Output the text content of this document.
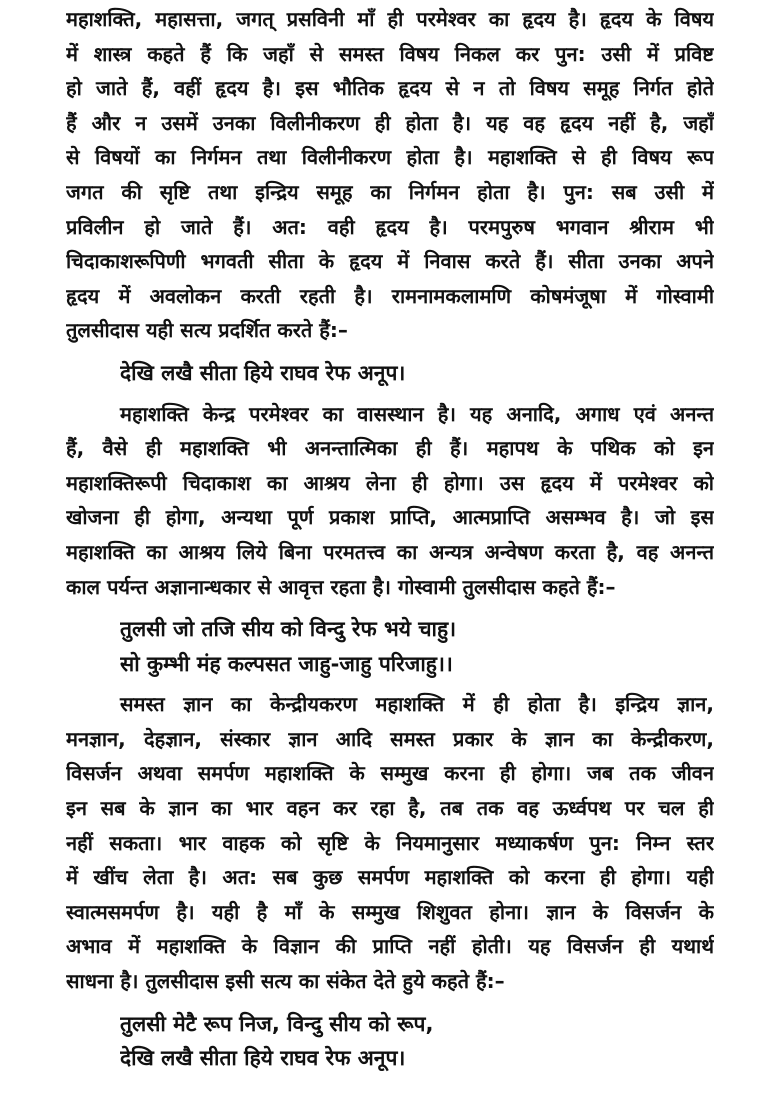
महाशक्ति, महासत्ता, जगत् प्रसविनी माँ ही परमेश्वर का हृदय है। हृदय के विषय
में शास्त्र कहते हैं कि जहाँ से समस्त विषय निकल कर पुन: उसी में प्रविष्ट
हो जाते हैं, वहीं हृदय है। इस भौतिक हृदय से न तो विषय समूह निर्गत होते
हैं और न उसमें उनका विलीनीकरण ही होता है। यह वह हृदय नहीं है, जहाँ
से विषयों का निर्गमन तथा विलीनीकरण होता है। महाशक्ति से ही विषय रूप
जगत की सृष्टि तथा इन्द्रिय समूह का निर्गमन होता है। पुन: सब उसी में
प्रविलीन हो जाते हैं। अत: वही हृदय है। परमपुरुष भगवान श्रीराम भी
चिदाकाशरूपिणी भगवती सीता के हृदय में निवास करते हैं। सीता उनका अपने
हृदय में अवलोकन करती रहती है। रामनामकलामणि कोषमंजूषा में गोस्वामी
तुलसीदास यही सत्य प्रदर्शित करते हैं:–
देखि लखै सीता हिये राघव रेफ अनूप।
महाशक्ति केन्द्र परमेश्वर का वासस्थान है। यह अनादि, अगाध एवं अनन्त
हैं, वैसे ही महाशक्ति भी अनन्तात्मिका ही हैं। महापथ के पथिक को इन
महाशक्तिरूपी चिदाकाश का आश्रय लेना ही होगा। उस हृदय में परमेश्वर को
खोजना ही होगा, अन्यथा पूर्ण प्रकाश प्राप्ति, आत्मप्राप्ति असम्भव है। जो इस
महाशक्ति का आश्रय लिये बिना परमतत्त्व का अन्यत्र अन्वेषण करता है, वह अनन्त
काल पर्यन्त अज्ञानान्धकार से आवृत्त रहता है। गोस्वामी तुलसीदास कहते हैं:–
तुलसी जो तजि सीय को विन्दु रेफ भये चाहु।
सो कुम्भी मंह कल्पसत जाहु-जाहु परिजाहु।।
समस्त ज्ञान का केन्द्रीयकरण महाशक्ति में ही होता है। इन्द्रिय ज्ञान,
मनज्ञान, देहज्ञान, संस्कार ज्ञान आदि समस्त प्रकार के ज्ञान का केन्द्रीकरण,
विसर्जन अथवा समर्पण महाशक्ति के सम्मुख करना ही होगा। जब तक जीवन
इन सब के ज्ञान का भार वहन कर रहा है, तब तक वह ऊर्ध्वपथ पर चल ही
नहीं सकता। भार वाहक को सृष्टि के नियमानुसार मध्याकर्षण पुन: निम्न स्तर
में खींच लेता है। अत: सब कुछ समर्पण महाशक्ति को करना ही होगा। यही
स्वात्मसमर्पण है। यही है माँ के सम्मुख शिशुवत होना। ज्ञान के विसर्जन के
अभाव में महाशक्ति के विज्ञान की प्राप्ति नहीं होती। यह विसर्जन ही यथार्थ
साधना है। तुलसीदास इसी सत्य का संकेत देते हुये कहते हैं:–
तुलसी मेटै रूप निज, विन्दु सीय को रूप,
देखि लखै सीता हिये राघव रेफ अनूप।
